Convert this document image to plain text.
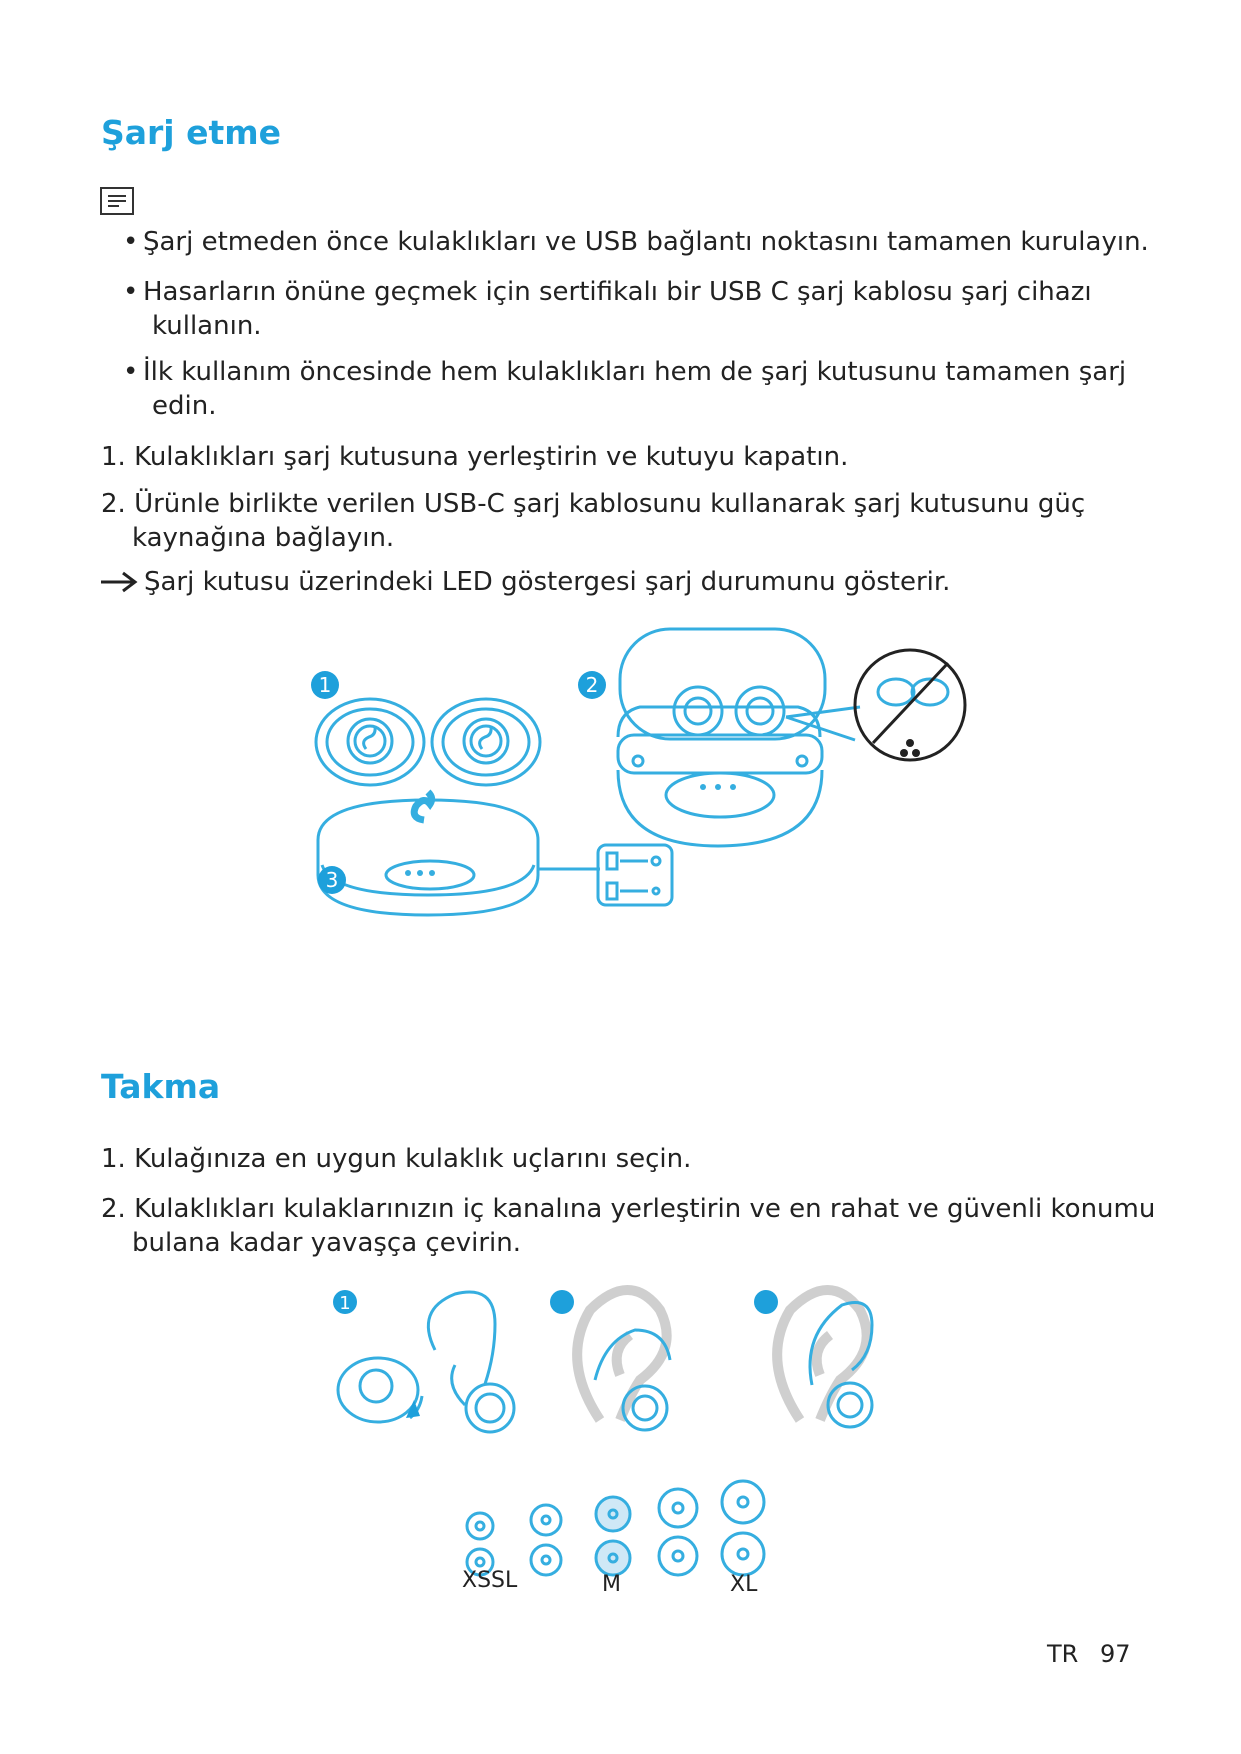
Şarj etme
• Şarj etmeden önce kulaklıkları ve USB bağlantı noktasını tamamen kurulayın.
• Hasarların önüne geçmek için sertifikalı bir USB C şarj kablosu şarj cihazı
kullanın.
• İlk kullanım öncesinde hem kulaklıkları hem de şarj kutusunu tamamen şarj
edin.
1. Kulaklıkları şarj kutusuna yerleştirin ve kutuyu kapatın.
2. Ürünle birlikte verilen USB-C şarj kablosunu kullanarak şarj kutusunu güç
kaynağına bağlayın.
Şarj kutusu üzerindeki LED göstergesi şarj durumunu gösterir.
1	2
3
Takma
1. Kulağınıza en uygun kulaklık uçlarını seçin.
2. Kulaklıkları kulaklarınızın iç kanalına yerleştirin ve en rahat ve güvenli konumu
bulana kadar yavaşça çevirin.
1
XSSL	M	XL
TR 97
